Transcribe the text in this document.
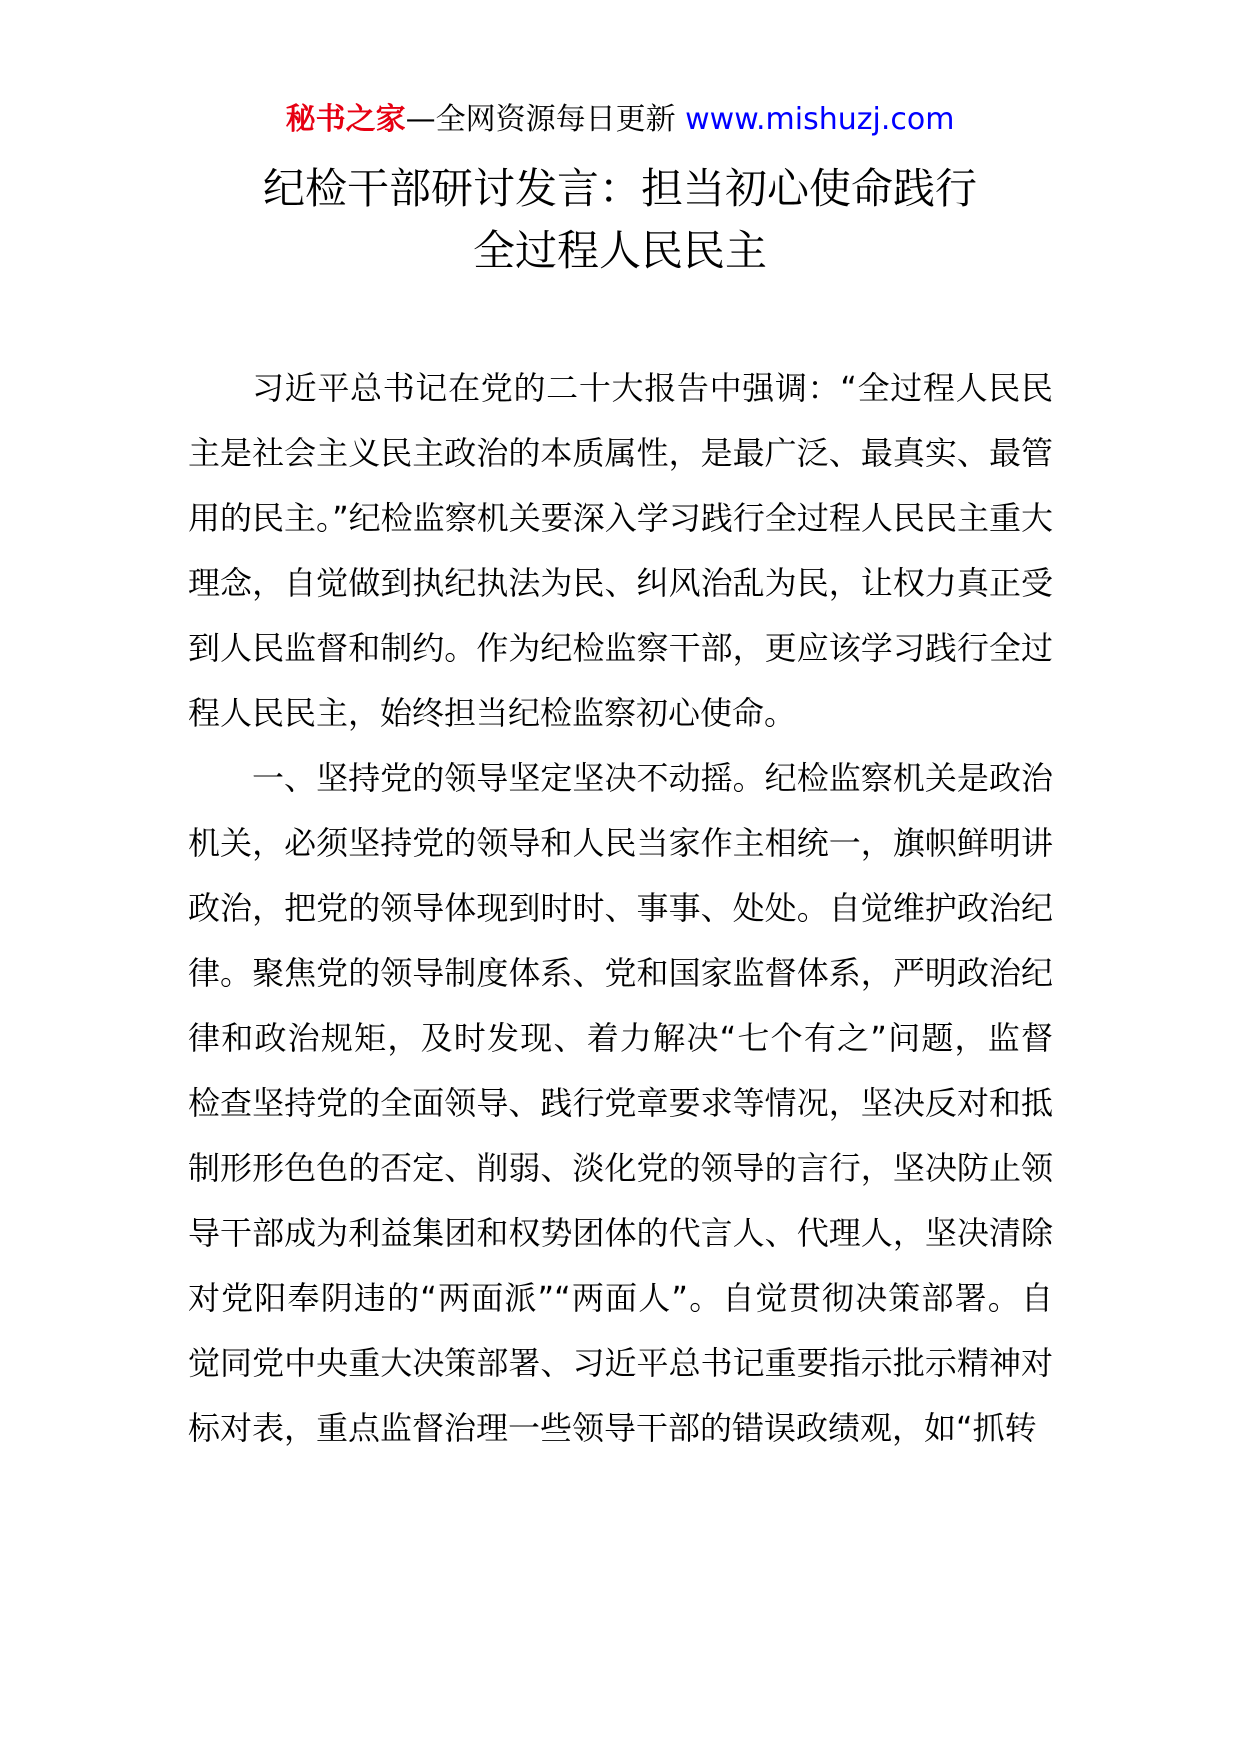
秘书之家—全网资源每日更新 www.mishuzj.com
纪检干部研讨发言：担当初心使命践行
全过程人民民主

习近平总书记在党的二十大报告中强调：“全过程人民民主是社会主义民主政治的本质属性，是最广泛、最真实、最管用的民主。”纪检监察机关要深入学习践行全过程人民民主重大理念，自觉做到执纪执法为民、纠风治乱为民，让权力真正受到人民监督和制约。作为纪检监察干部，更应该学习践行全过程人民民主，始终担当纪检监察初心使命。

一、坚持党的领导坚定坚决不动摇。纪检监察机关是政治机关，必须坚持党的领导和人民当家作主相统一，旗帜鲜明讲政治，把党的领导体现到时时、事事、处处。自觉维护政治纪律。聚焦党的领导制度体系、党和国家监督体系，严明政治纪律和政治规矩，及时发现、着力解决“七个有之”问题，监督检查坚持党的全面领导、践行党章要求等情况，坚决反对和抵制形形色色的否定、削弱、淡化党的领导的言行，坚决防止领导干部成为利益集团和权势团体的代言人、代理人，坚决清除对党阳奉阴违的“两面派”“两面人”。自觉贯彻决策部署。自觉同党中央重大决策部署、习近平总书记重要指示批示精神对标对表，重点监督治理一些领导干部的错误政绩观，如“抓转
